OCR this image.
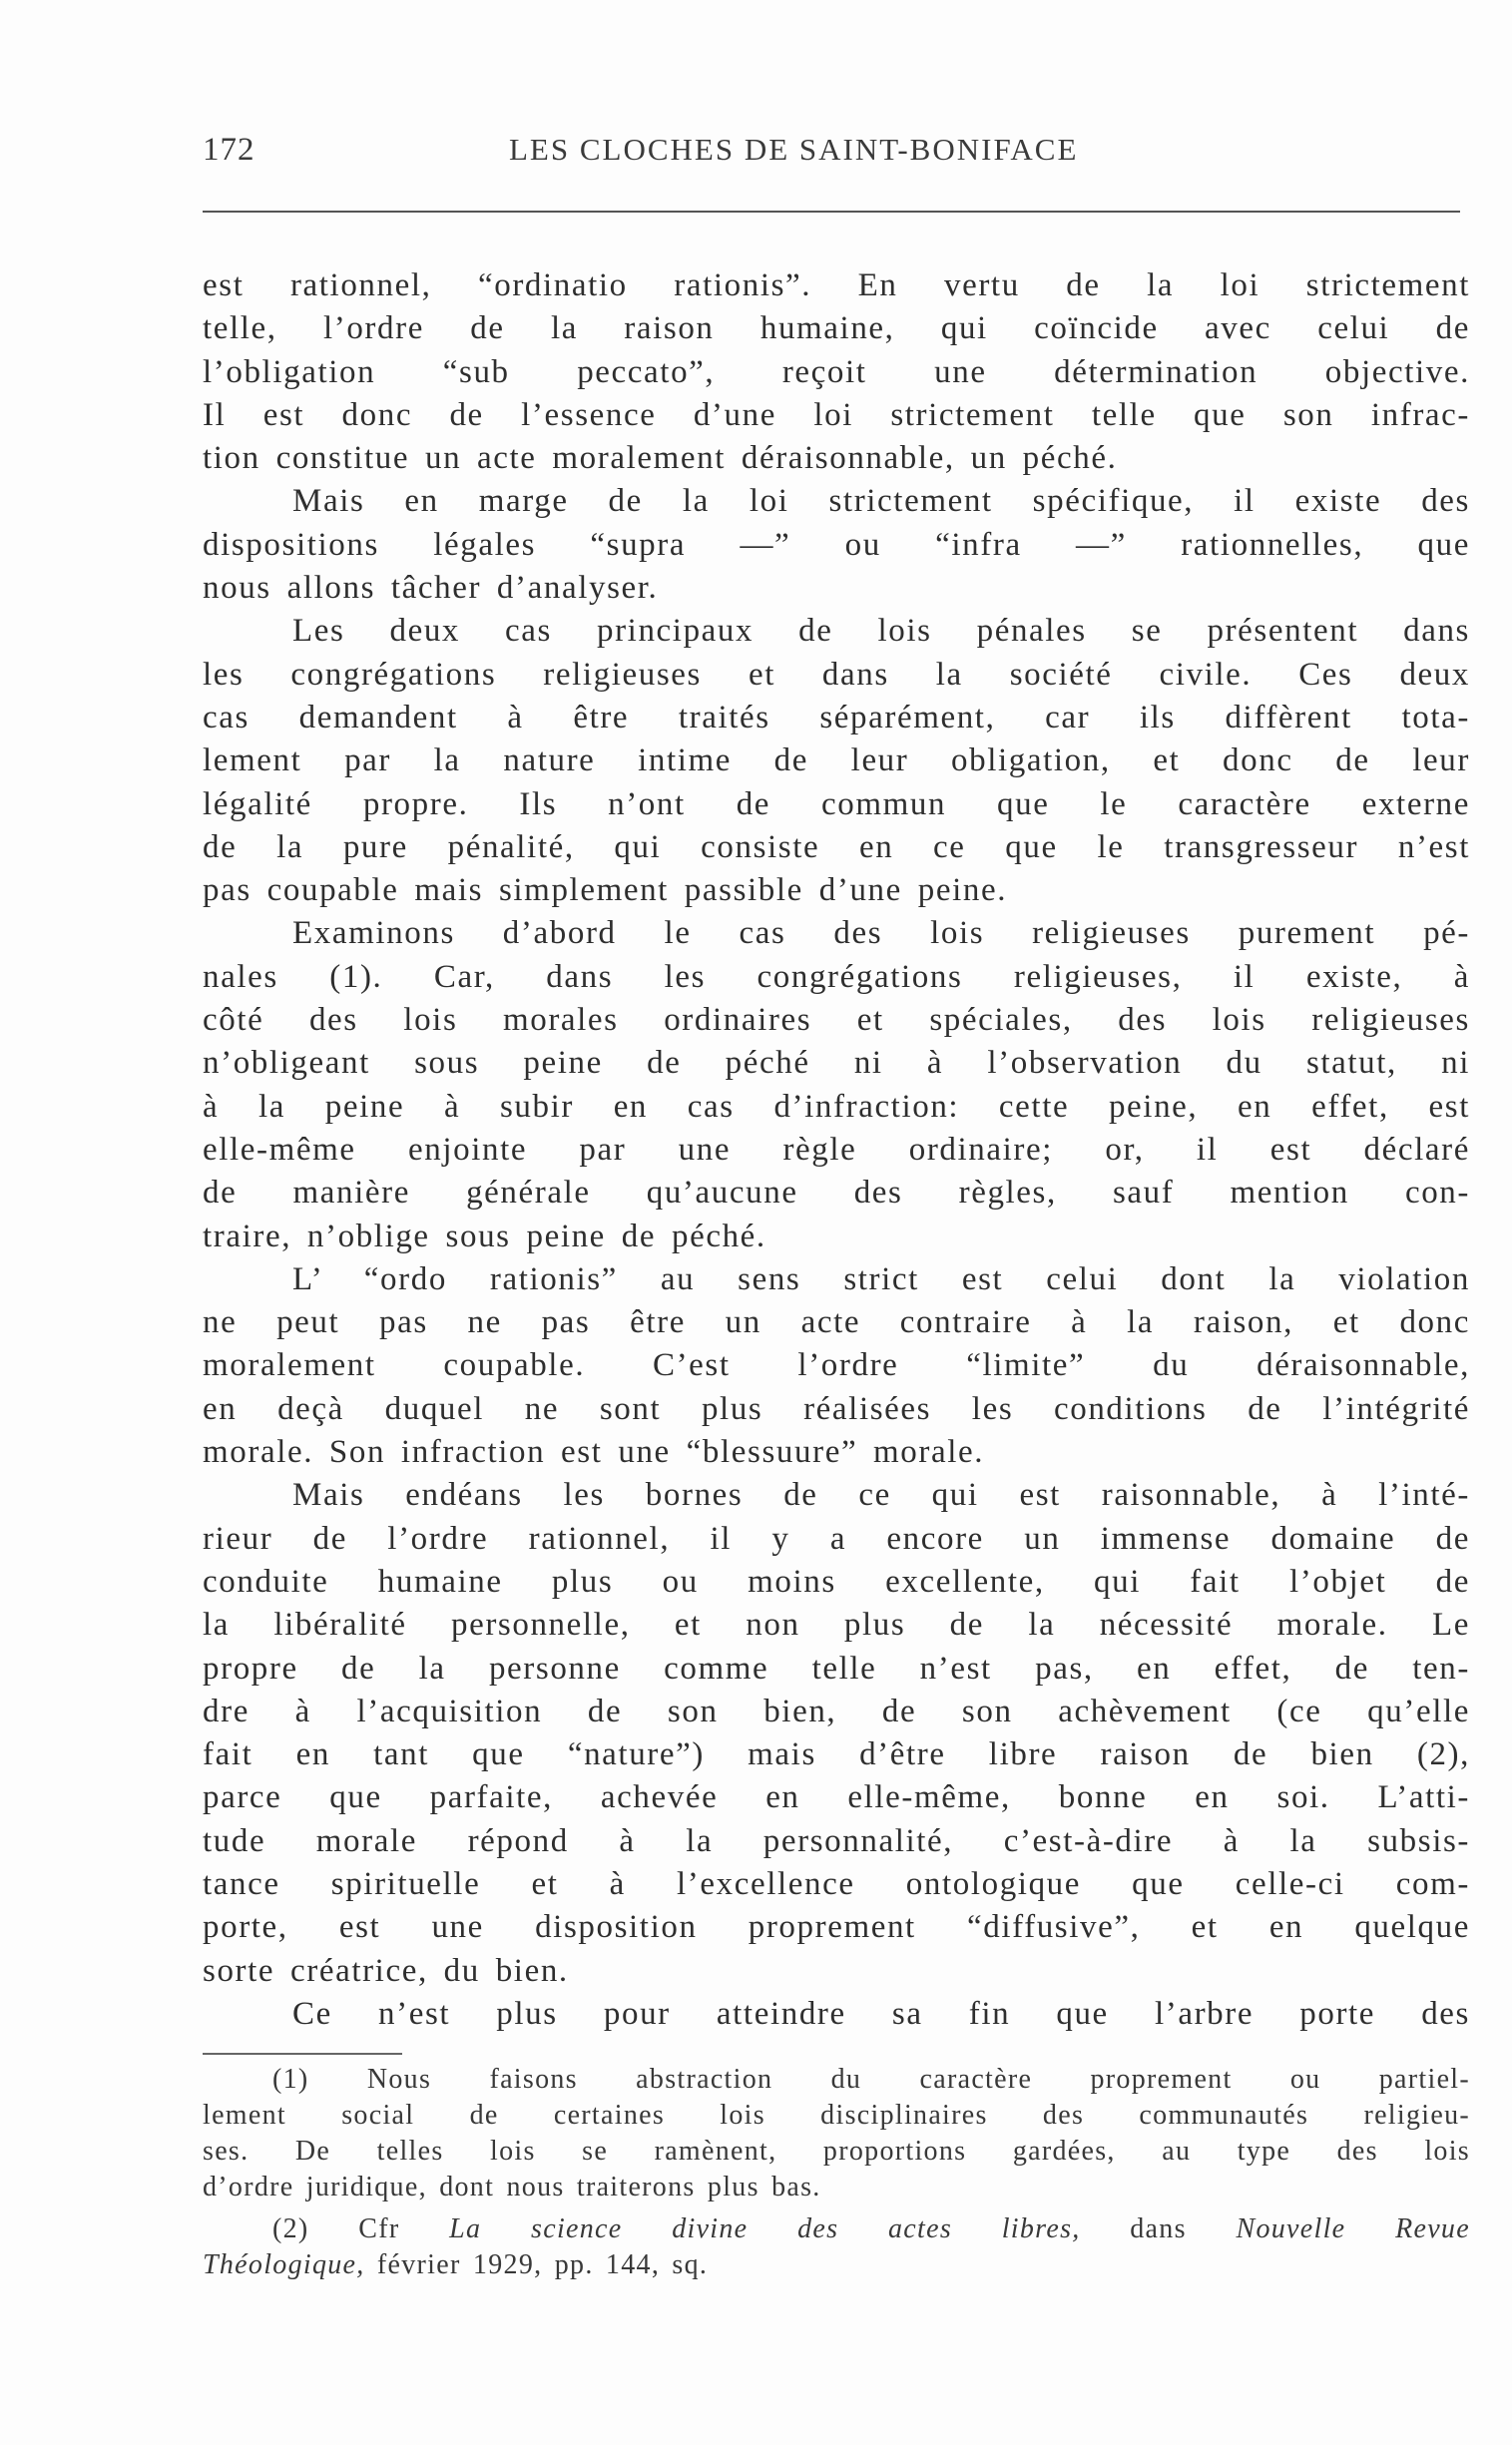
172	LES CLOCHES DE SAINT-BONIFACE
est rationnel, “ordinatio rationis”. En vertu de la loi strictement
telle, l’ordre de la raison humaine, qui coïncide avec celui de
l’obligation “sub peccato”, reçoit une détermination objective.
Il est donc de l’essence d’une loi strictement telle que son infrac-
tion constitue un acte moralement déraisonnable, un péché.
Mais en marge de la loi strictement spécifique, il existe des
dispositions légales “supra —” ou “infra —” rationnelles, que
nous allons tâcher d’analyser.
Les deux cas principaux de lois pénales se présentent dans
les congrégations religieuses et dans la société civile. Ces deux
cas demandent à être traités séparément, car ils diffèrent tota-
lement par la nature intime de leur obligation, et donc de leur
légalité propre. Ils n’ont de commun que le caractère externe
de la pure pénalité, qui consiste en ce que le transgresseur n’est
pas coupable mais simplement passible d’une peine.
Examinons d’abord le cas des lois religieuses purement pé-
nales (1). Car, dans les congrégations religieuses, il existe, à
côté des lois morales ordinaires et spéciales, des lois religieuses
n’obligeant sous peine de péché ni à l’observation du statut, ni
à la peine à subir en cas d’infraction: cette peine, en effet, est
elle-même enjointe par une règle ordinaire; or, il est déclaré
de manière générale qu’aucune des règles, sauf mention con-
traire, n’oblige sous peine de péché.
L’ “ordo rationis” au sens strict est celui dont la violation
ne peut pas ne pas être un acte contraire à la raison, et donc
moralement coupable. C’est l’ordre “limite” du déraisonnable,
en deçà duquel ne sont plus réalisées les conditions de l’intégrité
morale. Son infraction est une “blessuure” morale.
Mais endéans les bornes de ce qui est raisonnable, à l’inté-
rieur de l’ordre rationnel, il y a encore un immense domaine de
conduite humaine plus ou moins excellente, qui fait l’objet de
la libéralité personnelle, et non plus de la nécessité morale. Le
propre de la personne comme telle n’est pas, en effet, de ten-
dre à l’acquisition de son bien, de son achèvement (ce qu’elle
fait en tant que “nature”) mais d’être libre raison de bien (2),
parce que parfaite, achevée en elle-même, bonne en soi. L’atti-
tude morale répond à la personnalité, c’est-à-dire à la subsis-
tance spirituelle et à l’excellence ontologique que celle-ci com-
porte, est une disposition proprement “diffusive”, et en quelque
sorte créatrice, du bien.
Ce n’est plus pour atteindre sa fin que l’arbre porte des
(1) Nous faisons abstraction du caractère proprement ou partiel-
lement social de certaines lois disciplinaires des communautés religieu-
ses. De telles lois se ramènent, proportions gardées, au type des lois
d’ordre juridique, dont nous traiterons plus bas.
(2) Cfr La science divine des actes libres, dans Nouvelle Revue
Théologique, février 1929, pp. 144, sq.
